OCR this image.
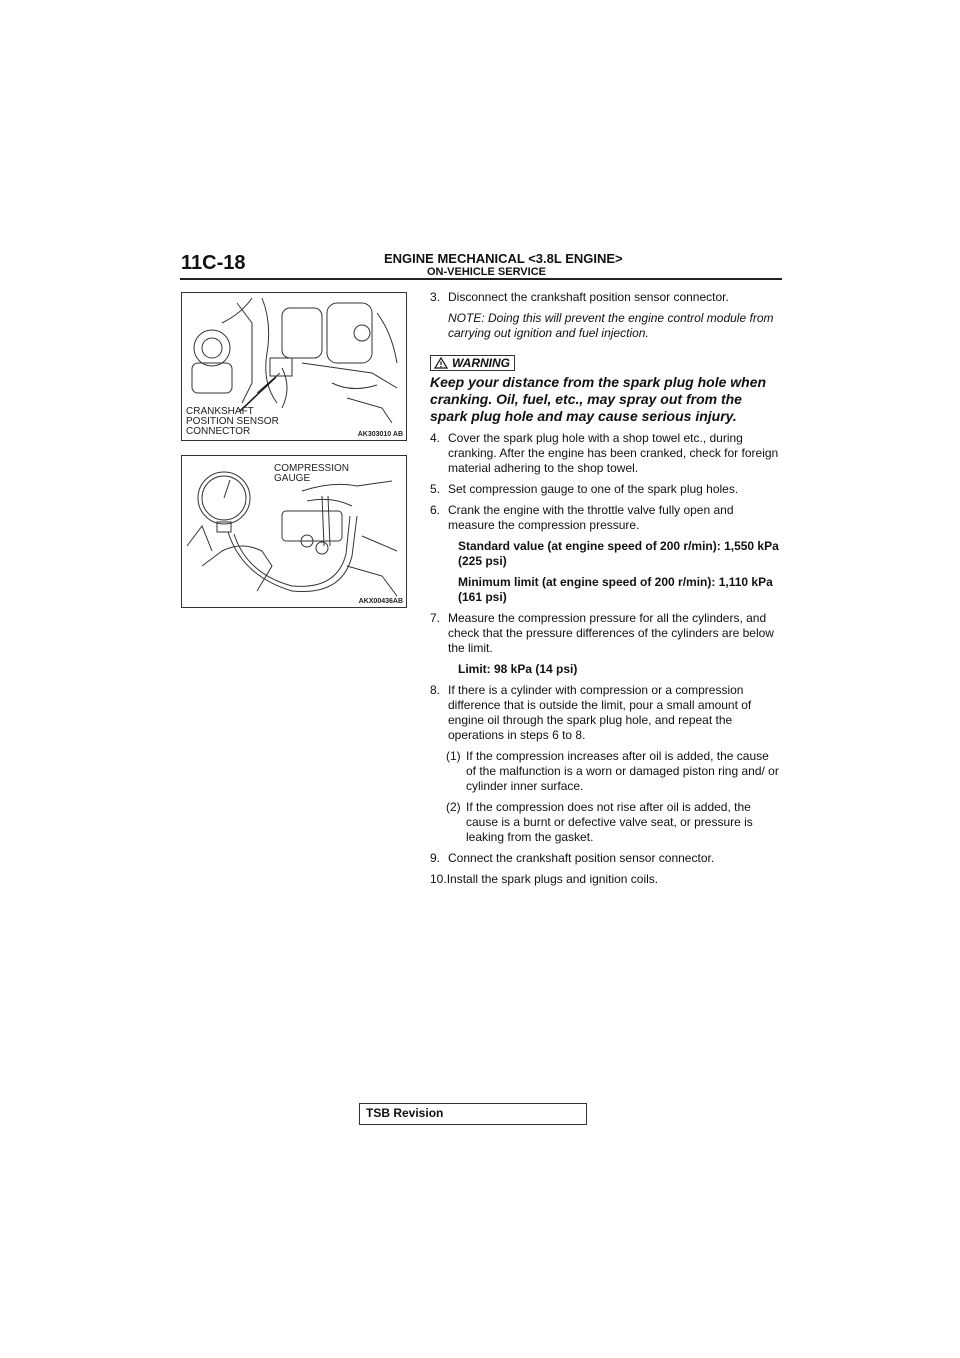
11C-18	ENGINE MECHANICAL <3.8L ENGINE>
ON-VEHICLE SERVICE
CRANKSHAFT
POSITION SENSOR
CONNECTOR	AK303010 AB
COMPRESSION
GAUGE
AKX00436AB
3. Disconnect the crankshaft position sensor connector.
NOTE: Doing this will prevent the engine control module from carrying out ignition and fuel injection.
WARNING
Keep your distance from the spark plug hole when cranking. Oil, fuel, etc., may spray out from the spark plug hole and may cause serious injury.
4. Cover the spark plug hole with a shop towel etc., during cranking. After the engine has been cranked, check for foreign material adhering to the shop towel.
5. Set compression gauge to one of the spark plug holes.
6. Crank the engine with the throttle valve fully open and measure the compression pressure.
Standard value (at engine speed of 200 r/min): 1,550 kPa (225 psi)
Minimum limit (at engine speed of 200 r/min): 1,110 kPa (161 psi)
7. Measure the compression pressure for all the cylinders, and check that the pressure differences of the cylinders are below the limit.
Limit: 98 kPa (14 psi)
8. If there is a cylinder with compression or a compression difference that is outside the limit, pour a small amount of engine oil through the spark plug hole, and repeat the operations in steps 6 to 8.
(1) If the compression increases after oil is added, the cause of the malfunction is a worn or damaged piston ring and/ or cylinder inner surface.
(2) If the compression does not rise after oil is added, the cause is a burnt or defective valve seat, or pressure is leaking from the gasket.
9. Connect the crankshaft position sensor connector.
10.Install the spark plugs and ignition coils.
TSB Revision
